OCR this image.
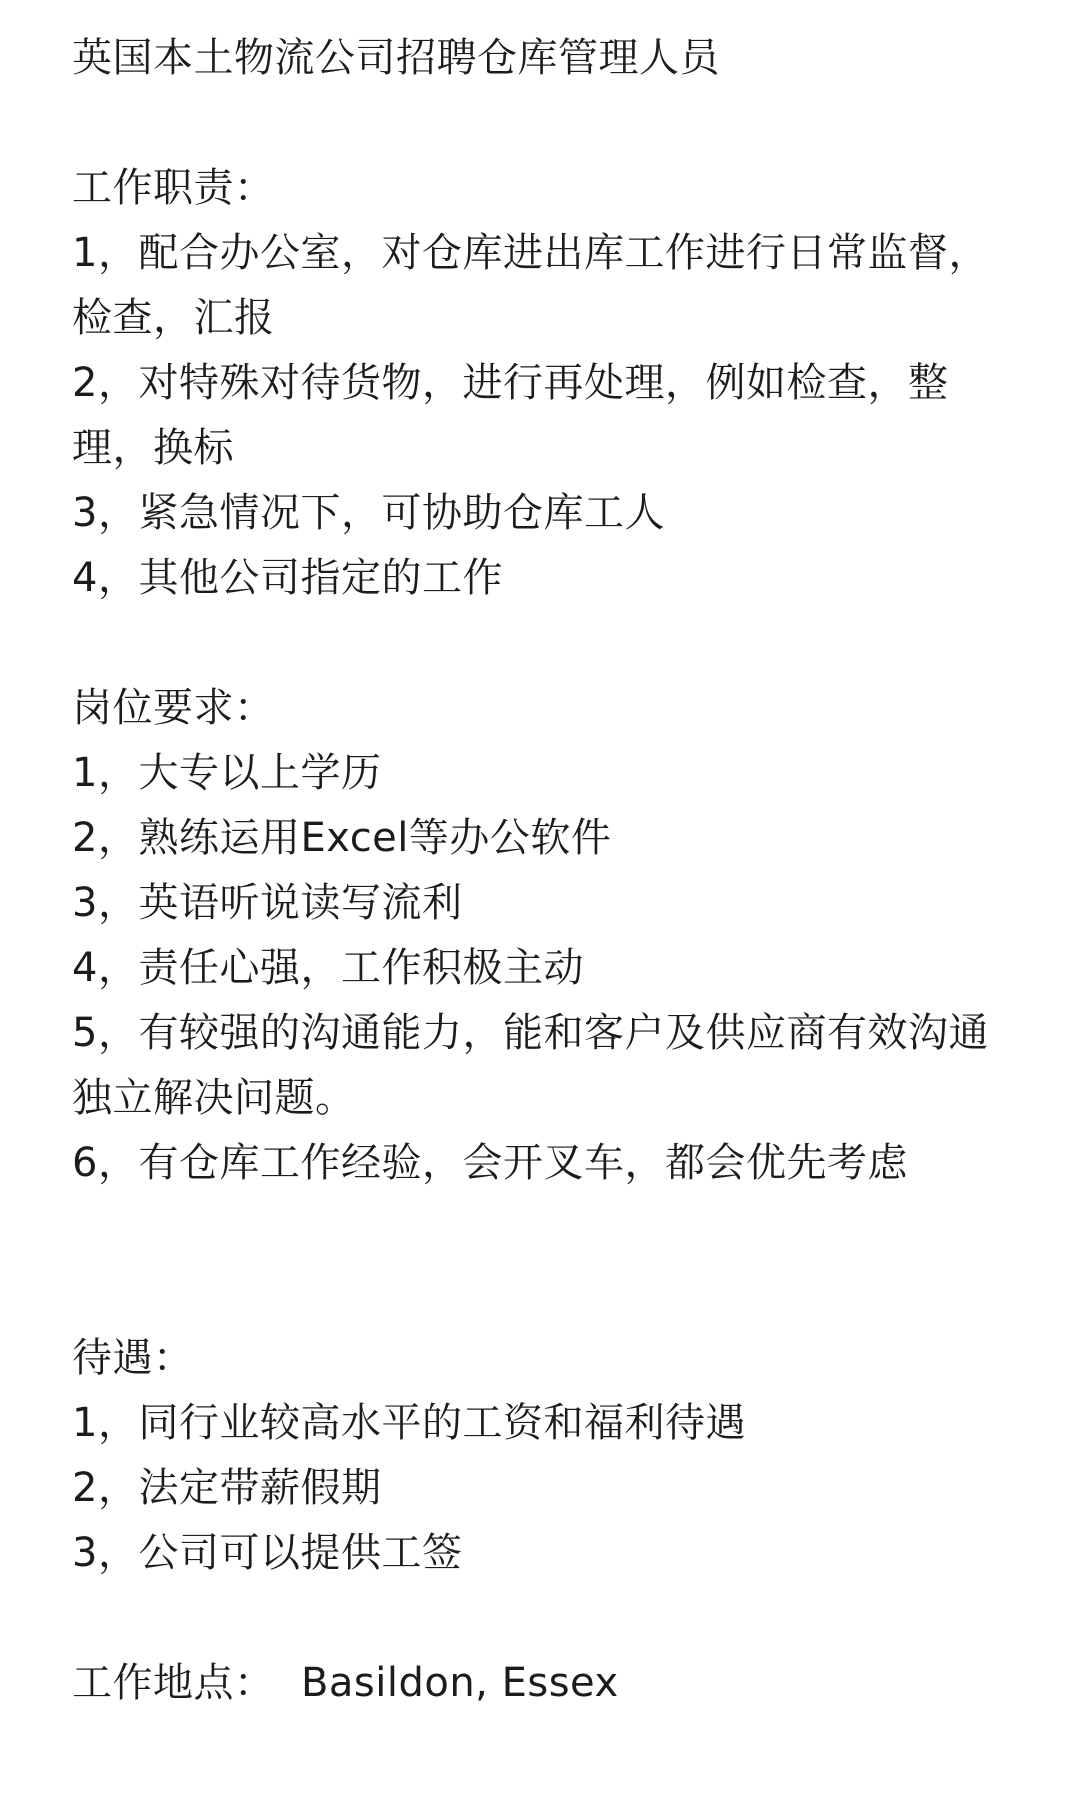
英国本土物流公司招聘仓库管理人员
工作职责：
1，配合办公室，对仓库进出库工作进行日常监督，检查，汇报
2，对特殊对待货物，进行再处理，例如检查，整理，换标
3，紧急情况下，可协助仓库工人
4，其他公司指定的工作
岗位要求：
1，大专以上学历
2，熟练运用Excel等办公软件
3，英语听说读写流利
4，责任心强，工作积极主动
5，有较强的沟通能力，能和客户及供应商有效沟通独立解决问题。
6，有仓库工作经验，会开叉车，都会优先考虑
待遇：
1，同行业较高水平的工资和福利待遇
2，法定带薪假期
3，公司可以提供工签
工作地点： Basildon, Essex
